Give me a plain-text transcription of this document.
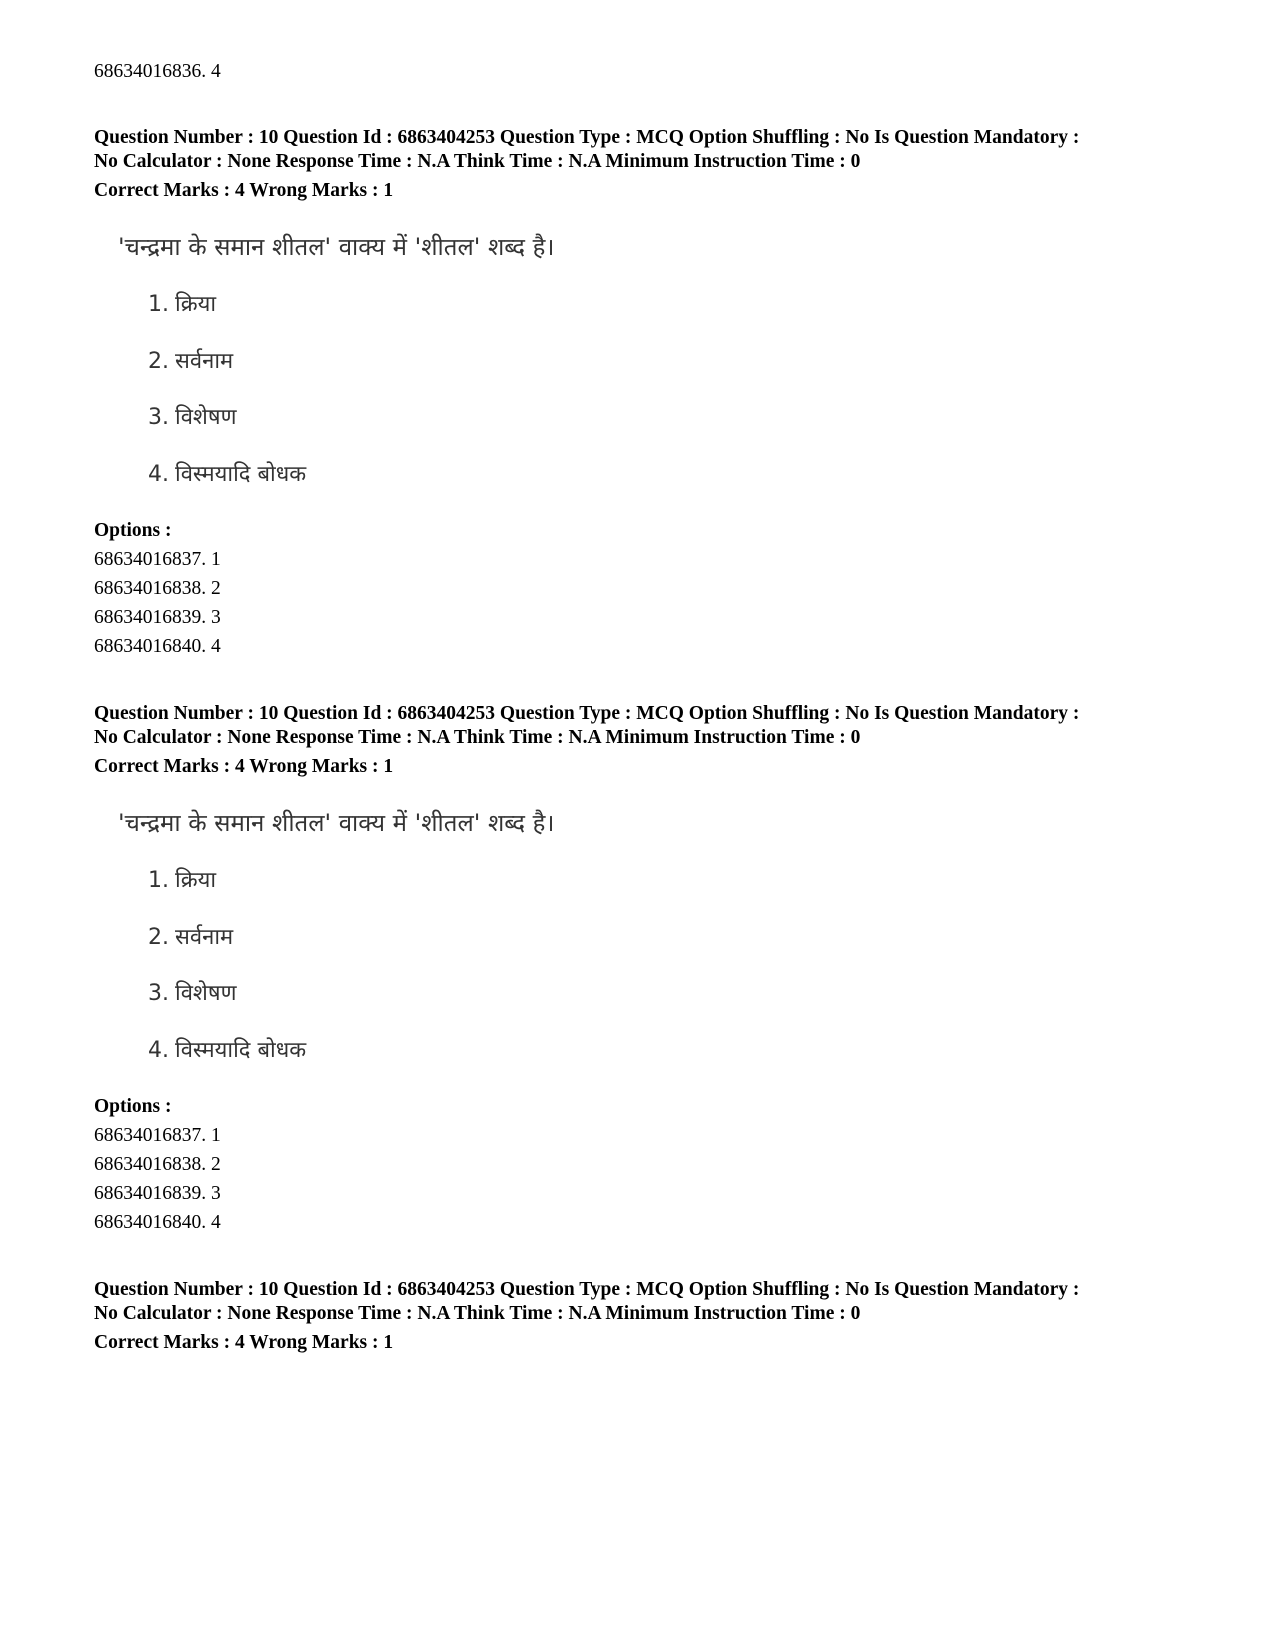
68634016836. 4
Question Number : 10 Question Id : 6863404253 Question Type : MCQ Option Shuffling : No Is Question Mandatory :
No Calculator : None Response Time : N.A Think Time : N.A Minimum Instruction Time : 0
Correct Marks : 4 Wrong Marks : 1
'चन्द्रमा के समान शीतल' वाक्य में 'शीतल' शब्द है।
1. क्रिया
2. सर्वनाम
3. विशेषण
4. विस्मयादि बोधक
Options :
68634016837. 1
68634016838. 2
68634016839. 3
68634016840. 4
Question Number : 10 Question Id : 6863404253 Question Type : MCQ Option Shuffling : No Is Question Mandatory :
No Calculator : None Response Time : N.A Think Time : N.A Minimum Instruction Time : 0
Correct Marks : 4 Wrong Marks : 1
'चन्द्रमा के समान शीतल' वाक्य में 'शीतल' शब्द है।
1. क्रिया
2. सर्वनाम
3. विशेषण
4. विस्मयादि बोधक
Options :
68634016837. 1
68634016838. 2
68634016839. 3
68634016840. 4
Question Number : 10 Question Id : 6863404253 Question Type : MCQ Option Shuffling : No Is Question Mandatory :
No Calculator : None Response Time : N.A Think Time : N.A Minimum Instruction Time : 0
Correct Marks : 4 Wrong Marks : 1
